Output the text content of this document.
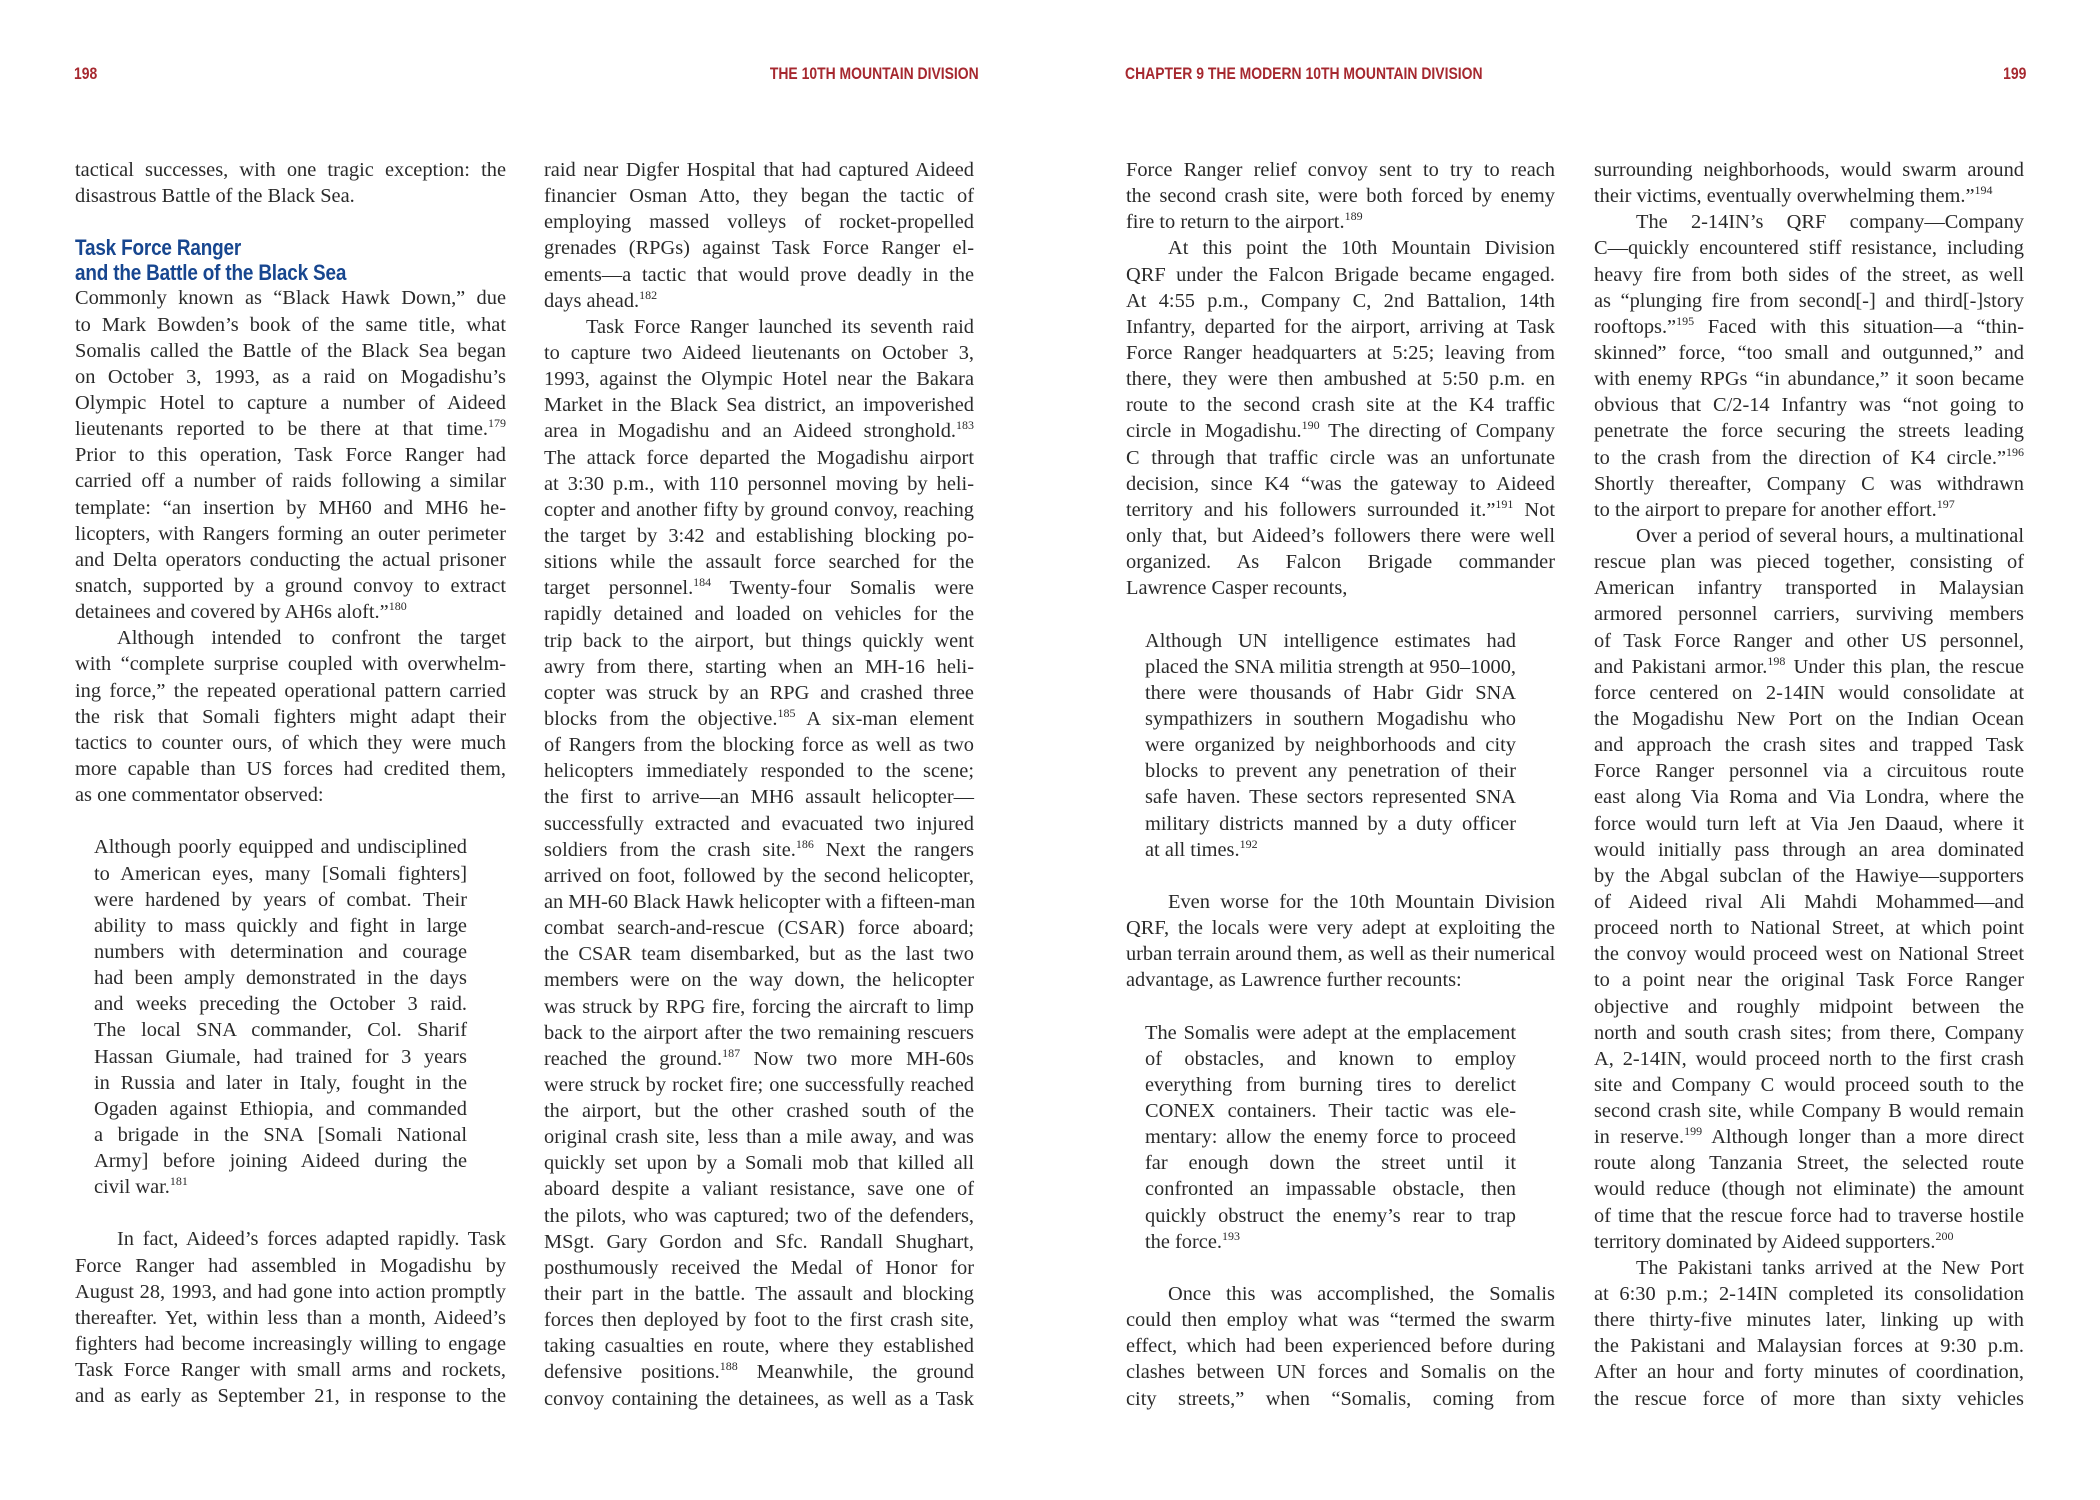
198	THE 10TH MOUNTAIN DIVISION
tactical successes, with one tragic exception: the
disastrous Battle of the Black Sea.
Task Force Ranger
and the Battle of the Black Sea
Commonly known as “Black Hawk Down,” due
to Mark Bowden’s book of the same title, what
Somalis called the Battle of the Black Sea began
on October 3, 1993, as a raid on Mogadishu’s
Olympic Hotel to capture a number of Aideed
lieutenants reported to be there at that time.$^{179}$
Prior to this operation, Task Force Ranger had
carried off a number of raids following a similar
template: “an insertion by MH60 and MH6 he-
licopters, with Rangers forming an outer perimeter
and Delta operators conducting the actual prisoner
snatch, supported by a ground convoy to extract
detainees and covered by AH6s aloft.”$^{180}$
Although intended to confront the target
with “complete surprise coupled with overwhelm-
ing force,” the repeated operational pattern carried
the risk that Somali fighters might adapt their
tactics to counter ours, of which they were much
more capable than US forces had credited them,
as one commentator observed:
Although poorly equipped and undisciplined
to American eyes, many [Somali fighters]
were hardened by years of combat. Their
ability to mass quickly and fight in large
numbers with determination and courage
had been amply demonstrated in the days
and weeks preceding the October 3 raid.
The local SNA commander, Col. Sharif
Hassan Giumale, had trained for 3 years
in Russia and later in Italy, fought in the
Ogaden against Ethiopia, and commanded
a brigade in the SNA [Somali National
Army] before joining Aideed during the
civil war.$^{181}$
In fact, Aideed’s forces adapted rapidly. Task
Force Ranger had assembled in Mogadishu by
August 28, 1993, and had gone into action promptly
thereafter. Yet, within less than a month, Aideed’s
fighters had become increasingly willing to engage
Task Force Ranger with small arms and rockets,
and as early as September 21, in response to the
raid near Digfer Hospital that had captured Aideed
financier Osman Atto, they began the tactic of
employing massed volleys of rocket-propelled
grenades (RPGs) against Task Force Ranger el-
ements—a tactic that would prove deadly in the
days ahead.$^{182}$
Task Force Ranger launched its seventh raid
to capture two Aideed lieutenants on October 3,
1993, against the Olympic Hotel near the Bakara
Market in the Black Sea district, an impoverished
area in Mogadishu and an Aideed stronghold.$^{183}$
The attack force departed the Mogadishu airport
at 3:30 p.m., with 110 personnel moving by heli-
copter and another fifty by ground convoy, reaching
the target by 3:42 and establishing blocking po-
sitions while the assault force searched for the
target personnel.$^{184}$ Twenty-four Somalis were
rapidly detained and loaded on vehicles for the
trip back to the airport, but things quickly went
awry from there, starting when an MH-16 heli-
copter was struck by an RPG and crashed three
blocks from the objective.$^{185}$ A six-man element
of Rangers from the blocking force as well as two
helicopters immediately responded to the scene;
the first to arrive—an MH6 assault helicopter—
successfully extracted and evacuated two injured
soldiers from the crash site.$^{186}$ Next the rangers
arrived on foot, followed by the second helicopter,
an MH-60 Black Hawk helicopter with a fifteen-man
combat search-and-rescue (CSAR) force aboard;
the CSAR team disembarked, but as the last two
members were on the way down, the helicopter
was struck by RPG fire, forcing the aircraft to limp
back to the airport after the two remaining rescuers
reached the ground.$^{187}$ Now two more MH-60s
were struck by rocket fire; one successfully reached
the airport, but the other crashed south of the
original crash site, less than a mile away, and was
quickly set upon by a Somali mob that killed all
aboard despite a valiant resistance, save one of
the pilots, who was captured; two of the defenders,
MSgt. Gary Gordon and Sfc. Randall Shughart,
posthumously received the Medal of Honor for
their part in the battle. The assault and blocking
forces then deployed by foot to the first crash site,
taking casualties en route, where they established
defensive positions.$^{188}$ Meanwhile, the ground
convoy containing the detainees, as well as a Task
CHAPTER 9 THE MODERN 10TH MOUNTAIN DIVISION	199
Force Ranger relief convoy sent to try to reach
the second crash site, were both forced by enemy
fire to return to the airport.$^{189}$
At this point the 10th Mountain Division
QRF under the Falcon Brigade became engaged.
At 4:55 p.m., Company C, 2nd Battalion, 14th
Infantry, departed for the airport, arriving at Task
Force Ranger headquarters at 5:25; leaving from
there, they were then ambushed at 5:50 p.m. en
route to the second crash site at the K4 traffic
circle in Mogadishu.$^{190}$ The directing of Company
C through that traffic circle was an unfortunate
decision, since K4 “was the gateway to Aideed
territory and his followers surrounded it.”$^{191}$ Not
only that, but Aideed’s followers there were well
organized. As Falcon Brigade commander
Lawrence Casper recounts,
Although UN intelligence estimates had
placed the SNA militia strength at 950–1000,
there were thousands of Habr Gidr SNA
sympathizers in southern Mogadishu who
were organized by neighborhoods and city
blocks to prevent any penetration of their
safe haven. These sectors represented SNA
military districts manned by a duty officer
at all times.$^{192}$
Even worse for the 10th Mountain Division
QRF, the locals were very adept at exploiting the
urban terrain around them, as well as their numerical
advantage, as Lawrence further recounts:
The Somalis were adept at the emplacement
of obstacles, and known to employ
everything from burning tires to derelict
CONEX containers. Their tactic was ele-
mentary: allow the enemy force to proceed
far enough down the street until it
confronted an impassable obstacle, then
quickly obstruct the enemy’s rear to trap
the force.$^{193}$
Once this was accomplished, the Somalis
could then employ what was “termed the swarm
effect, which had been experienced before during
clashes between UN forces and Somalis on the
city streets,” when “Somalis, coming from
surrounding neighborhoods, would swarm around
their victims, eventually overwhelming them.”$^{194}$
The 2-14IN’s QRF company—Company
C—quickly encountered stiff resistance, including
heavy fire from both sides of the street, as well
as “plunging fire from second[-] and third[-]story
rooftops.”$^{195}$ Faced with this situation—a “thin-
skinned” force, “too small and outgunned,” and
with enemy RPGs “in abundance,” it soon became
obvious that C/2-14 Infantry was “not going to
penetrate the force securing the streets leading
to the crash from the direction of K4 circle.”$^{196}$
Shortly thereafter, Company C was withdrawn
to the airport to prepare for another effort.$^{197}$
Over a period of several hours, a multinational
rescue plan was pieced together, consisting of
American infantry transported in Malaysian
armored personnel carriers, surviving members
of Task Force Ranger and other US personnel,
and Pakistani armor.$^{198}$ Under this plan, the rescue
force centered on 2-14IN would consolidate at
the Mogadishu New Port on the Indian Ocean
and approach the crash sites and trapped Task
Force Ranger personnel via a circuitous route
east along Via Roma and Via Londra, where the
force would turn left at Via Jen Daaud, where it
would initially pass through an area dominated
by the Abgal subclan of the Hawiye—supporters
of Aideed rival Ali Mahdi Mohammed—and
proceed north to National Street, at which point
the convoy would proceed west on National Street
to a point near the original Task Force Ranger
objective and roughly midpoint between the
north and south crash sites; from there, Company
A, 2-14IN, would proceed north to the first crash
site and Company C would proceed south to the
second crash site, while Company B would remain
in reserve.$^{199}$ Although longer than a more direct
route along Tanzania Street, the selected route
would reduce (though not eliminate) the amount
of time that the rescue force had to traverse hostile
territory dominated by Aideed supporters.$^{200}$
The Pakistani tanks arrived at the New Port
at 6:30 p.m.; 2-14IN completed its consolidation
there thirty-five minutes later, linking up with
the Pakistani and Malaysian forces at 9:30 p.m.
After an hour and forty minutes of coordination,
the rescue force of more than sixty vehicles
